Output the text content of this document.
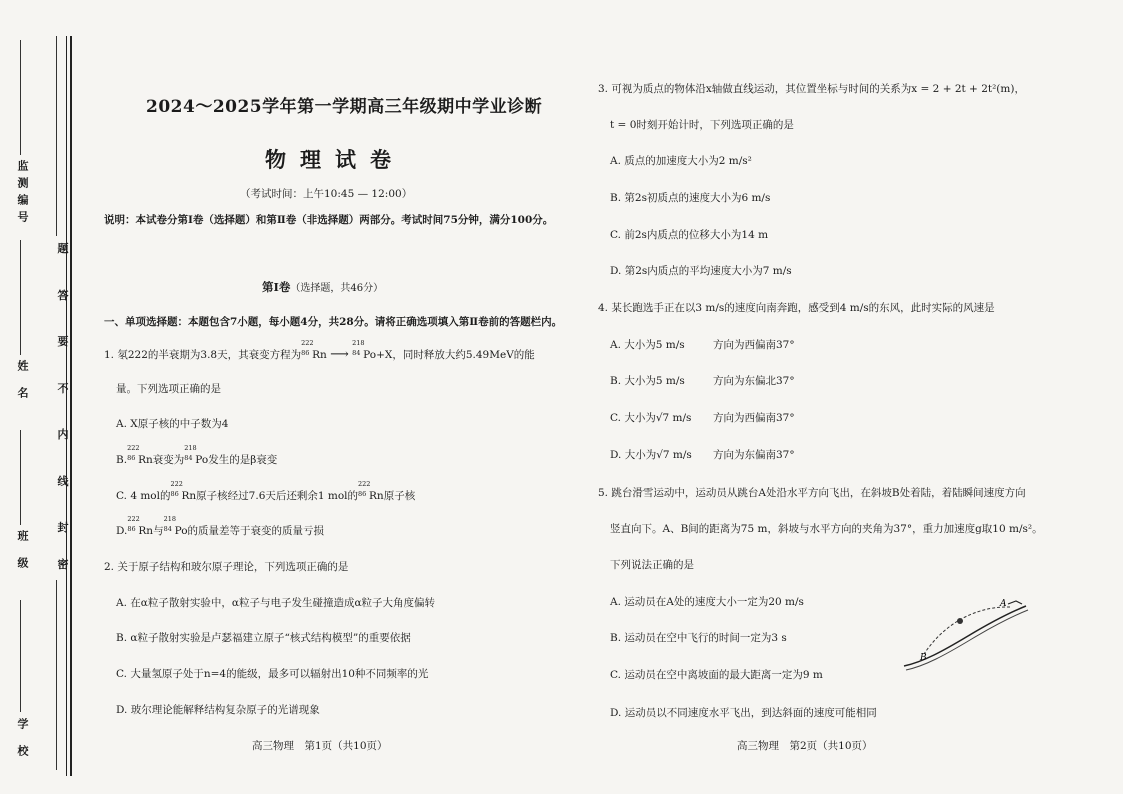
监测编号
姓 名
班 级
学 校
题
答
要
不
内
线
封
密
2024～2025学年第一学期高三年级期中学业诊断
物理试卷
（考试时间：上午10:45 — 12:00）
说明：本试卷分第Ⅰ卷（选择题）和第Ⅱ卷（非选择题）两部分。考试时间75分钟，满分100分。
第Ⅰ卷（选择题，共46分）
一、单项选择题：本题包含7小题，每小题4分，共28分。请将正确选项填入第Ⅱ卷前的答题栏内。
1. 氡222的半衰期为3.8天，其衰变方程为
222
86 Rn ⟶
218
84 Po+X，同时释放大约5.49MeV的能
量。下列选项正确的是
A. X原子核的中子数为4
B.
222
86 Rn衰变为
218
84 Po发生的是β衰变
C. 4 mol的
222
86 Rn原子核经过7.6天后还剩余1 mol的
222
86 Rn原子核
D.
222
86 Rn与
218
84 Po的质量差等于衰变的质量亏损
2. 关于原子结构和玻尔原子理论，下列选项正确的是
A. 在α粒子散射实验中，α粒子与电子发生碰撞造成α粒子大角度偏转
B. α粒子散射实验是卢瑟福建立原子“核式结构模型”的重要依据
C. 大量氢原子处于n=4的能级，最多可以辐射出10种不同频率的光
D. 玻尔理论能解释结构复杂原子的光谱现象
高三物理　第1页（共10页）
3. 可视为质点的物体沿x轴做直线运动，其位置坐标与时间的关系为x = 2 + 2t + 2t²(m)，
t = 0时刻开始计时，下列选项正确的是
A. 质点的加速度大小为2 m/s²
B. 第2s初质点的速度大小为6 m/s
C. 前2s内质点的位移大小为14 m
D. 第2s内质点的平均速度大小为7 m/s
4. 某长跑选手正在以3 m/s的速度向南奔跑，感受到4 m/s的东风，此时实际的风速是
A. 大小为5 m/s	方向为西偏南37°
B. 大小为5 m/s	方向为东偏北37°
C. 大小为√7 m/s 方向为西偏南37°
D. 大小为√7 m/s 方向为东偏南37°
5. 跳台滑雪运动中，运动员从跳台A处沿水平方向飞出，在斜坡B处着陆，着陆瞬间速度方向
竖直向下。A、B间的距离为75 m，斜坡与水平方向的夹角为37°，重力加速度g取10 m/s²。
下列说法正确的是
A. 运动员在A处的速度大小一定为20 m/s
B. 运动员在空中飞行的时间一定为3 s
C. 运动员在空中离坡面的最大距离一定为9 m
D. 运动员以不同速度水平飞出，到达斜面的速度可能相同
A
B
高三物理　第2页（共10页）
